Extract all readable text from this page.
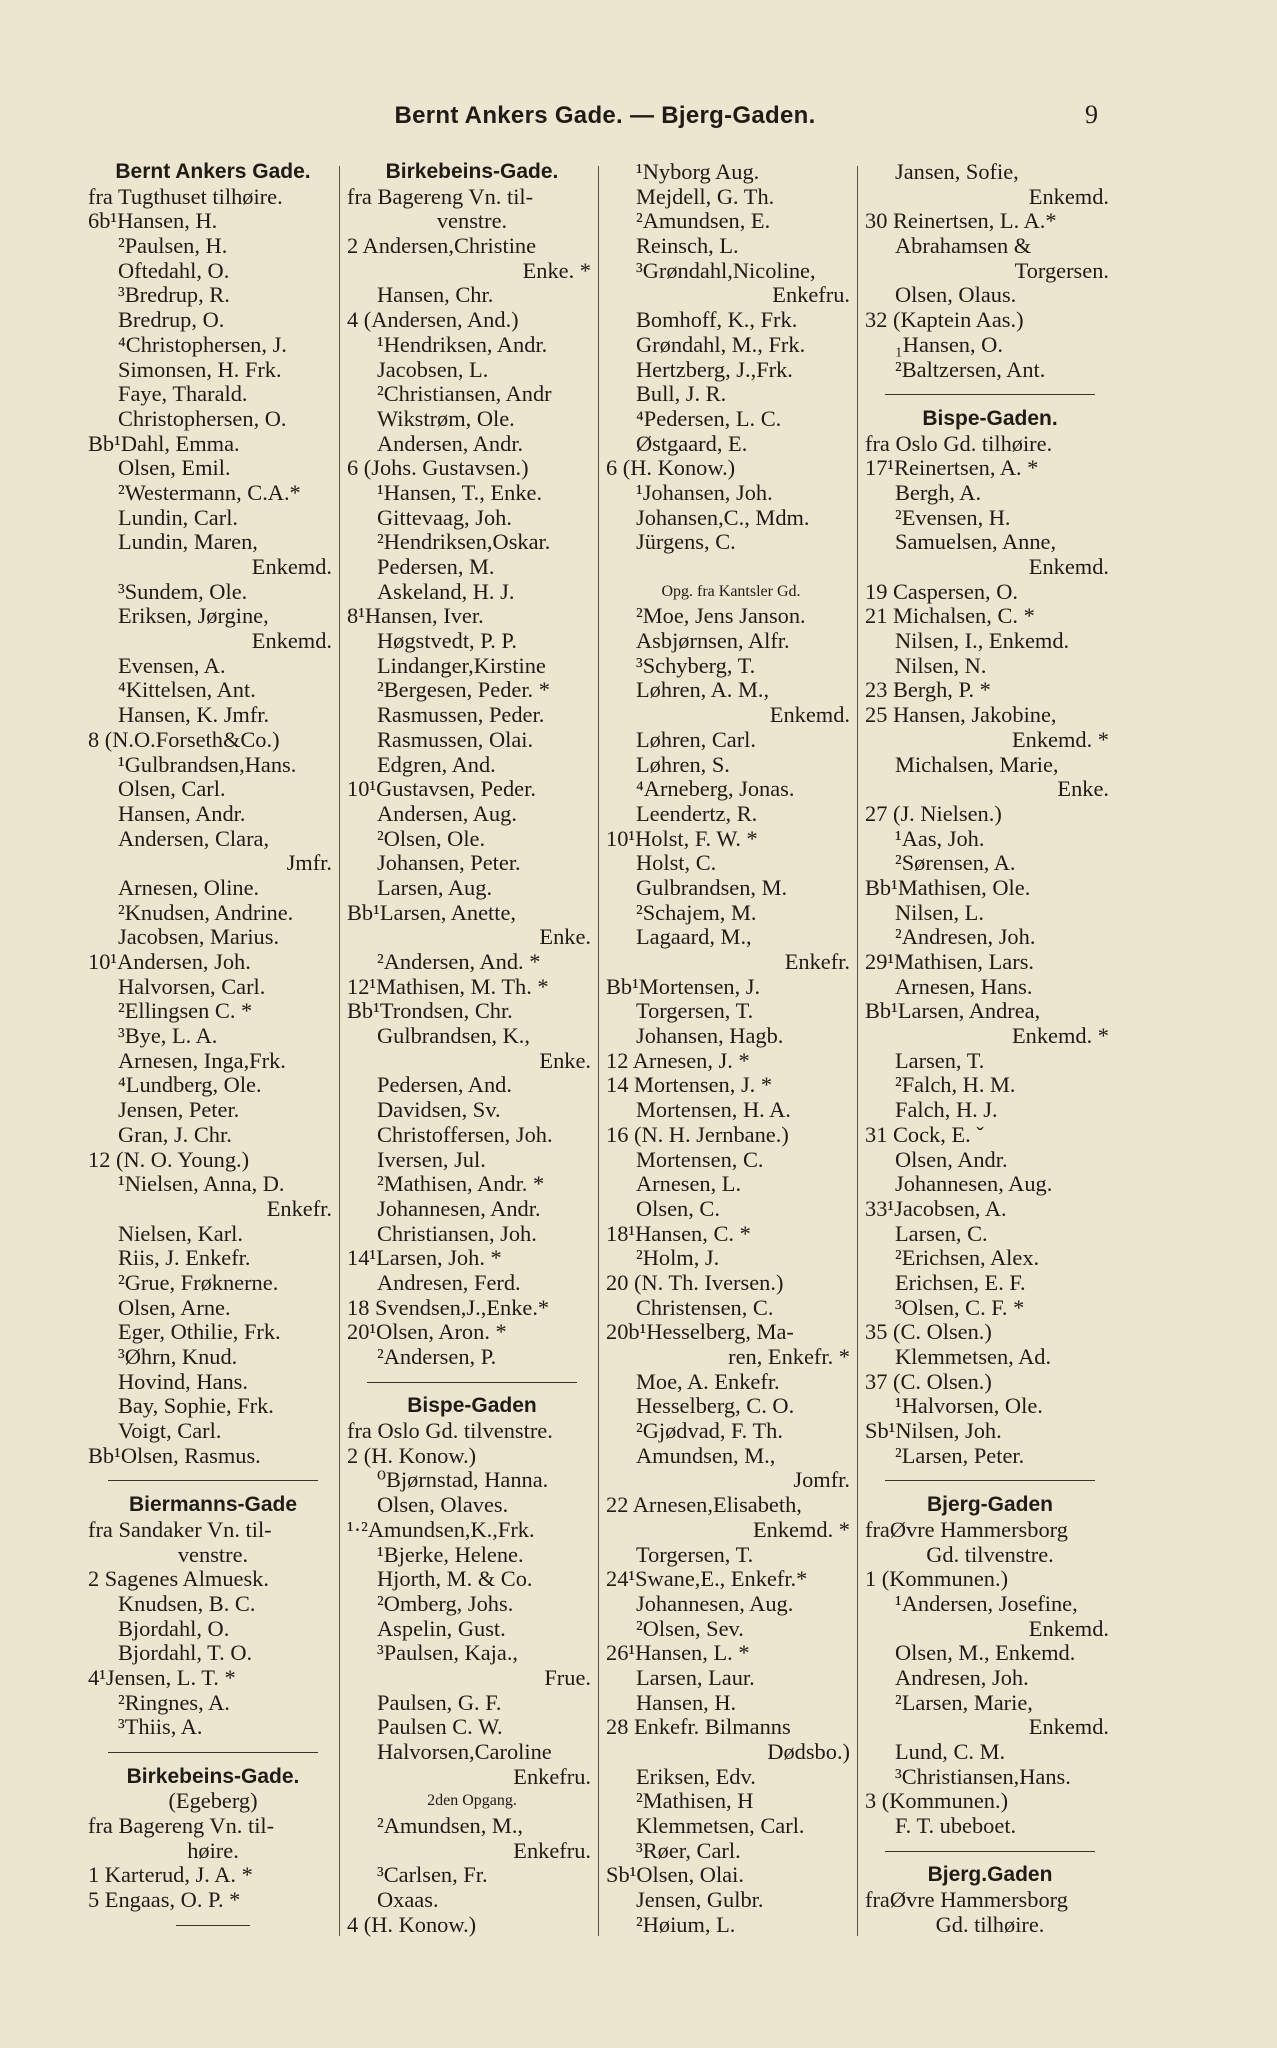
Bernt Ankers Gade. — Bjerg-Gaden.	9
Bernt Ankers Gade.
fra Tugthuset tilhøire.
6b¹Hansen, H.
²Paulsen, H.
Oftedahl, O.
³Bredrup, R.
Bredrup, O.
⁴Christophersen, J.
Simonsen, H. Frk.
Faye, Tharald.
Christophersen, O.
Bb¹Dahl, Emma.
Olsen, Emil.
²Westermann, C.A.*
Lundin, Carl.
Lundin, Maren,
Enkemd.
³Sundem, Ole.
Eriksen, Jørgine,
Enkemd.
Evensen, A.
⁴Kittelsen, Ant.
Hansen, K. Jmfr.
8 (N.O.Forseth&Co.)
¹Gulbrandsen,Hans.
Olsen, Carl.
Hansen, Andr.
Andersen, Clara,
Jmfr.
Arnesen, Oline.
²Knudsen, Andrine.
Jacobsen, Marius.
10¹Andersen, Joh.
Halvorsen, Carl.
²Ellingsen C. *
³Bye, L. A.
Arnesen, Inga,Frk.
⁴Lundberg, Ole.
Jensen, Peter.
Gran, J. Chr.
12 (N. O. Young.)
¹Nielsen, Anna, D.
Enkefr.
Nielsen, Karl.
Riis, J. Enkefr.
²Grue, Frøknerne.
Olsen, Arne.
Eger, Othilie, Frk.
³Øhrn, Knud.
Hovind, Hans.
Bay, Sophie, Frk.
Voigt, Carl.
Bb¹Olsen, Rasmus.
Biermanns-Gade
fra Sandaker Vn. til-
venstre.
2 Sagenes Almuesk.
Knudsen, B. C.
Bjordahl, O.
Bjordahl, T. O.
4¹Jensen, L. T. *
²Ringnes, A.
³Thiis, A.
Birkebeins-Gade.
(Egeberg)
fra Bagereng Vn. til-
høire.
1 Karterud, J. A. *
5 Engaas, O. P. *
Birkebeins-Gade.
fra Bagereng Vn. til-
venstre.
2 Andersen,Christine
Enke. *
Hansen, Chr.
4 (Andersen, And.)
¹Hendriksen, Andr.
Jacobsen, L.
²Christiansen, Andr
Wikstrøm, Ole.
Andersen, Andr.
6 (Johs. Gustavsen.)
¹Hansen, T., Enke.
Gittevaag, Joh.
²Hendriksen,Oskar.
Pedersen, M.
Askeland, H. J.
8¹Hansen, Iver.
Høgstvedt, P. P.
Lindanger,Kirstine
²Bergesen, Peder. *
Rasmussen, Peder.
Rasmussen, Olai.
Edgren, And.
10¹Gustavsen, Peder.
Andersen, Aug.
²Olsen, Ole.
Johansen, Peter.
Larsen, Aug.
Bb¹Larsen, Anette,
Enke.
²Andersen, And. *
12¹Mathisen, M. Th. *
Bb¹Trondsen, Chr.
Gulbrandsen, K.,
Enke.
Pedersen, And.
Davidsen, Sv.
Christoffersen, Joh.
Iversen, Jul.
²Mathisen, Andr. *
Johannesen, Andr.
Christiansen, Joh.
14¹Larsen, Joh. *
Andresen, Ferd.
18 Svendsen,J.,Enke.*
20¹Olsen, Aron. *
²Andersen, P.
Bispe-Gaden
fra Oslo Gd. tilvenstre.
2 (H. Konow.)
⁰Bjørnstad, Hanna.
Olsen, Olaves.
¹·²Amundsen,K.,Frk.
¹Bjerke, Helene.
Hjorth, M. & Co.
²Omberg, Johs.
Aspelin, Gust.
³Paulsen, Kaja.,
Frue.
Paulsen, G. F.
Paulsen C. W.
Halvorsen,Caroline
Enkefru.
2den Opgang.
²Amundsen, M.,
Enkefru.
³Carlsen, Fr.
Oxaas.
4 (H. Konow.)
¹Nyborg Aug.
Mejdell, G. Th.
²Amundsen, E.
Reinsch, L.
³Grøndahl,Nicoline,
Enkefru.
Bomhoff, K., Frk.
Grøndahl, M., Frk.
Hertzberg, J.,Frk.
Bull, J. R.
⁴Pedersen, L. C.
Østgaard, E.
6 (H. Konow.)
¹Johansen, Joh.
Johansen,C., Mdm.
Jürgens, C.
Opg. fra Kantsler Gd.
²Moe, Jens Janson.
Asbjørnsen, Alfr.
³Schyberg, T.
Løhren, A. M.,
Enkemd.
Løhren, Carl.
Løhren, S.
⁴Arneberg, Jonas.
Leendertz, R.
10¹Holst, F. W. *
Holst, C.
Gulbrandsen, M.
²Schajem, M.
Lagaard, M.,
Enkefr.
Bb¹Mortensen, J.
Torgersen, T.
Johansen, Hagb.
12 Arnesen, J. *
14 Mortensen, J. *
Mortensen, H. A.
16 (N. H. Jernbane.)
Mortensen, C.
Arnesen, L.
Olsen, C.
18¹Hansen, C. *
²Holm, J.
20 (N. Th. Iversen.)
Christensen, C.
20b¹Hesselberg, Ma-
ren, Enkefr. *
Moe, A. Enkefr.
Hesselberg, C. O.
²Gjødvad, F. Th.
Amundsen, M.,
Jomfr.
22 Arnesen,Elisabeth,
Enkemd. *
Torgersen, T.
24¹Swane,E., Enkefr.*
Johannesen, Aug.
²Olsen, Sev.
26¹Hansen, L. *
Larsen, Laur.
Hansen, H.
28 Enkefr. Bilmanns
Dødsbo.)
Eriksen, Edv.
²Mathisen, H
Klemmetsen, Carl.
³Røer, Carl.
Sb¹Olsen, Olai.
Jensen, Gulbr.
²Høium, L.
Jansen, Sofie,
Enkemd.
30 Reinertsen, L. A.*
Abrahamsen &
Torgersen.
Olsen, Olaus.
32 (Kaptein Aas.)
₁Hansen, O.
²Baltzersen, Ant.
Bispe-Gaden.
fra Oslo Gd. tilhøire.
17¹Reinertsen, A. *
Bergh, A.
²Evensen, H.
Samuelsen, Anne,
Enkemd.
19 Caspersen, O.
21 Michalsen, C. *
Nilsen, I., Enkemd.
Nilsen, N.
23 Bergh, P. *
25 Hansen, Jakobine,
Enkemd. *
Michalsen, Marie,
Enke.
27 (J. Nielsen.)
¹Aas, Joh.
²Sørensen, A.
Bb¹Mathisen, Ole.
Nilsen, L.
²Andresen, Joh.
29¹Mathisen, Lars.
Arnesen, Hans.
Bb¹Larsen, Andrea,
Enkemd. *
Larsen, T.
²Falch, H. M.
Falch, H. J.
31 Cock, E. ˇ
Olsen, Andr.
Johannesen, Aug.
33¹Jacobsen, A.
Larsen, C.
²Erichsen, Alex.
Erichsen, E. F.
³Olsen, C. F. *
35 (C. Olsen.)
Klemmetsen, Ad.
37 (C. Olsen.)
¹Halvorsen, Ole.
Sb¹Nilsen, Joh.
²Larsen, Peter.
Bjerg-Gaden
fraØvre Hammersborg
Gd. tilvenstre.
1 (Kommunen.)
¹Andersen, Josefine,
Enkemd.
Olsen, M., Enkemd.
Andresen, Joh.
²Larsen, Marie,
Enkemd.
Lund, C. M.
³Christiansen,Hans.
3 (Kommunen.)
F. T. ubeboet.
Bjerg.Gaden
fraØvre Hammersborg
Gd. tilhøire.
